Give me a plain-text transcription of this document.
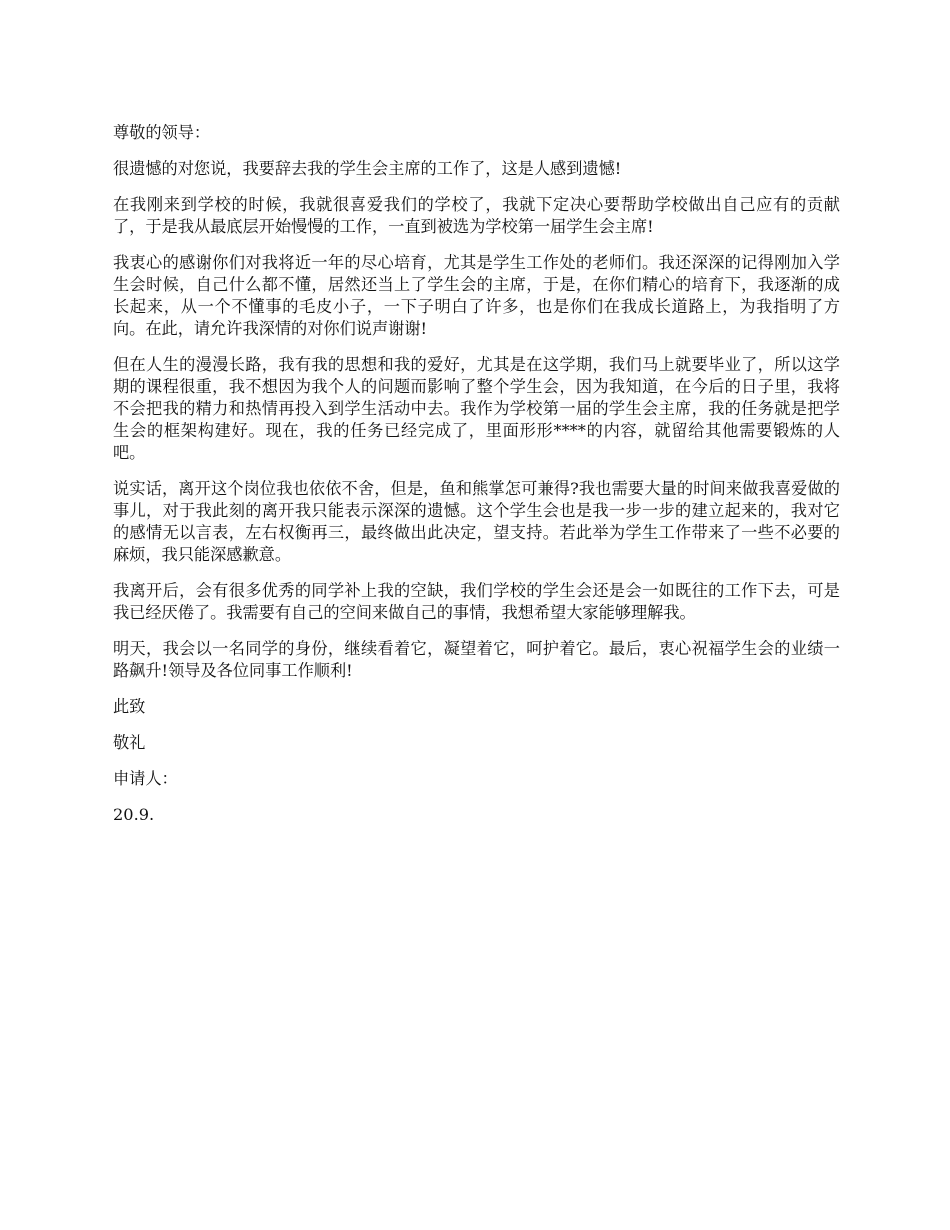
尊敬的领导：

很遗憾的对您说，我要辞去我的学生会主席的工作了，这是人感到遗憾!

在我刚来到学校的时候，我就很喜爱我们的学校了，我就下定决心要帮助学校做出自己应有的贡献了，于是我从最底层开始慢慢的工作，一直到被选为学校第一届学生会主席!

我衷心的感谢你们对我将近一年的尽心培育，尤其是学生工作处的老师们。我还深深的记得刚加入学生会时候，自己什么都不懂，居然还当上了学生会的主席，于是，在你们精心的培育下，我逐渐的成长起来，从一个不懂事的毛皮小子，一下子明白了许多，也是你们在我成长道路上，为我指明了方向。在此，请允许我深情的对你们说声谢谢!

但在人生的漫漫长路，我有我的思想和我的爱好，尤其是在这学期，我们马上就要毕业了，所以这学期的课程很重，我不想因为我个人的问题而影响了整个学生会，因为我知道，在今后的日子里，我将不会把我的精力和热情再投入到学生活动中去。我作为学校第一届的学生会主席，我的任务就是把学生会的框架构建好。现在，我的任务已经完成了，里面形形****的内容，就留给其他需要锻炼的人吧。

说实话，离开这个岗位我也依依不舍，但是，鱼和熊掌怎可兼得?我也需要大量的时间来做我喜爱做的事儿，对于我此刻的离开我只能表示深深的遗憾。这个学生会也是我一步一步的建立起来的，我对它的感情无以言表，左右权衡再三，最终做出此决定，望支持。若此举为学生工作带来了一些不必要的麻烦，我只能深感歉意。

我离开后，会有很多优秀的同学补上我的空缺，我们学校的学生会还是会一如既往的工作下去，可是我已经厌倦了。我需要有自己的空间来做自己的事情，我想希望大家能够理解我。

明天，我会以一名同学的身份，继续看着它，凝望着它，呵护着它。最后，衷心祝福学生会的业绩一路飙升!领导及各位同事工作顺利!

此致

敬礼

申请人：

20.9.
